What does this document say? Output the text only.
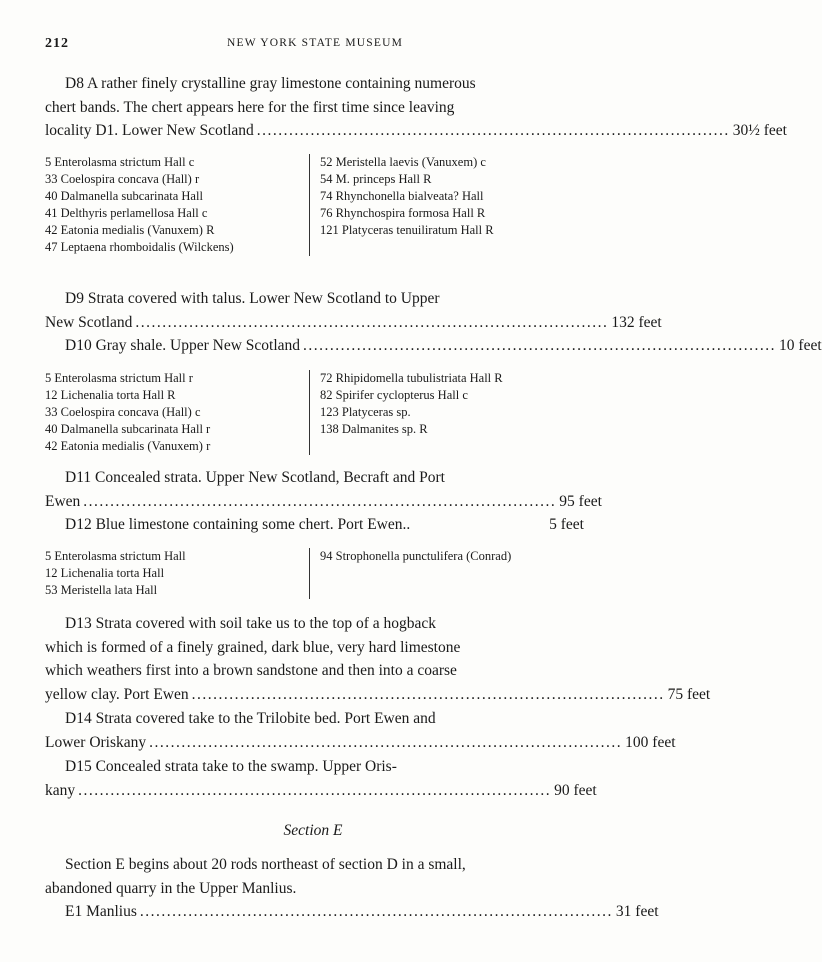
212	NEW YORK STATE MUSEUM

D8 A rather finely crystalline gray limestone containing numerous

chert bands. The chert appears here for the first time since leaving

locality D1. Lower New Scotland ........................................................................................ 30½ feet

5 Enterolasma strictum Hall c

33 Coelospira concava (Hall) r

40 Dalmanella subcarinata Hall

41 Delthyris perlamellosa Hall c

42 Eatonia medialis (Vanuxem) R

47 Leptaena rhomboidalis (Wilckens)

52 Meristella laevis (Vanuxem) c

54 M. princeps Hall R

74 Rhynchonella bialveata? Hall

76 Rhynchospira formosa Hall R

121 Platyceras tenuiliratum Hall R

D9 Strata covered with talus. Lower New Scotland to Upper

New Scotland ........................................................................................ 132 feet
D10 Gray shale. Upper New Scotland ........................................................................................ 10 feet

5 Enterolasma strictum Hall r

12 Lichenalia torta Hall R

33 Coelospira concava (Hall) c

40 Dalmanella subcarinata Hall r

42 Eatonia medialis (Vanuxem) r

72 Rhipidomella tubulistriata Hall R

82 Spirifer cyclopterus Hall c

123 Platyceras sp.

138 Dalmanites sp. R

D11 Concealed strata. Upper New Scotland, Becraft and Port

Ewen ........................................................................................ 95 feet
D12 Blue limestone containing some chert. Port Ewen..	5 feet

5 Enterolasma strictum Hall

12 Lichenalia torta Hall

53 Meristella lata Hall

94 Strophonella punctulifera (Conrad)

D13 Strata covered with soil take us to the top of a hogback

which is formed of a finely grained, dark blue, very hard limestone

which weathers first into a brown sandstone and then into a coarse

yellow clay. Port Ewen ........................................................................................ 75 feet

D14 Strata covered take to the Trilobite bed. Port Ewen and

Lower Oriskany ........................................................................................ 100 feet

D15 Concealed strata take to the swamp. Upper Oris-

kany ........................................................................................ 90 feet
Section E

Section E begins about 20 rods northeast of section D in a small,

abandoned quarry in the Upper Manlius.

E1 Manlius ........................................................................................ 31 feet
